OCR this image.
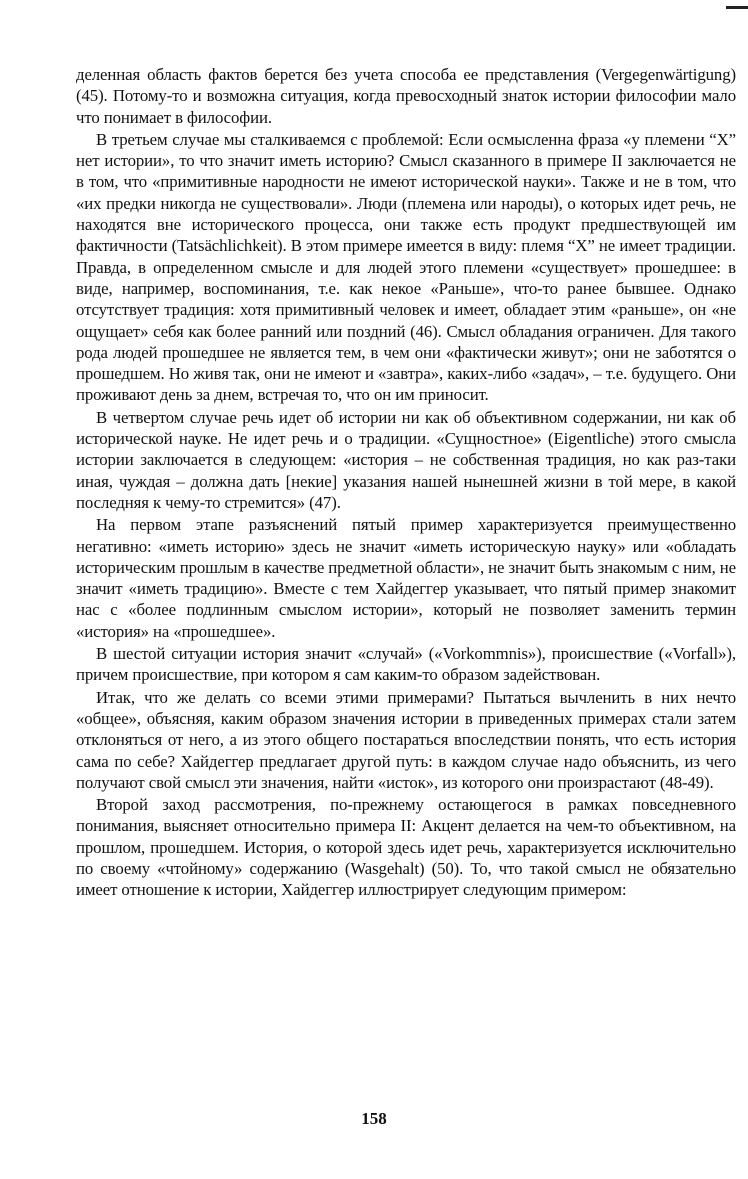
деленная область фактов берется без учета способа ее представления (Vergegenwärtigung) (45). Потому-то и возможна ситуация, когда превосходный знаток истории философии мало что понимает в философии.

В третьем случае мы сталкиваемся с проблемой: Если осмысленна фраза «у племени “X” нет истории», то что значит иметь историю? Смысл сказанного в примере II заключается не в том, что «примитивные народности не имеют исторической науки». Также и не в том, что «их предки никогда не существовали». Люди (племена или народы), о которых идет речь, не находятся вне исторического процесса, они также есть продукт предшествующей им фактичности (Tatsächlichkeit). В этом примере имеется в виду: племя “X” не имеет традиции. Правда, в определенном смысле и для людей этого племени «существует» прошедшее: в виде, например, воспоминания, т.е. как некое «Раньше», что-то ранее бывшее. Однако отсутствует традиция: хотя примитивный человек и имеет, обладает этим «раньше», он «не ощущает» себя как более ранний или поздний (46). Смысл обладания ограничен. Для такого рода людей прошедшее не является тем, в чем они «фактически живут»; они не заботятся о прошедшем. Но живя так, они не имеют и «завтра», каких-либо «задач», – т.е. будущего. Они проживают день за днем, встречая то, что он им приносит.

В четвертом случае речь идет об истории ни как об объективном содержании, ни как об исторической науке. Не идет речь и о традиции. «Сущностное» (Eigentliche) этого смысла истории заключается в следующем: «история – не собственная традиция, но как раз-таки иная, чуждая – должна дать [некие] указания нашей нынешней жизни в той мере, в какой последняя к чему-то стремится» (47).

На первом этапе разъяснений пятый пример характеризуется преимущественно негативно: «иметь историю» здесь не значит «иметь историческую науку» или «обладать историческим прошлым в качестве предметной области», не значит быть знакомым с ним, не значит «иметь традицию». Вместе с тем Хайдеггер указывает, что пятый пример знакомит нас с «более подлинным смыслом истории», который не позволяет заменить термин «история» на «прошедшее».

В шестой ситуации история значит «случай» («Vorkommnis»), происшествие («Vorfall»), причем происшествие, при котором я сам каким-то образом задействован.

Итак, что же делать со всеми этими примерами? Пытаться вычленить в них нечто «общее», объясняя, каким образом значения истории в приведенных примерах стали затем отклоняться от него, а из этого общего постараться впоследствии понять, что есть история сама по себе? Хайдеггер предлагает другой путь: в каждом случае надо объяснить, из чего получают свой смысл эти значения, найти «исток», из которого они произрастают (48-49).

Второй заход рассмотрения, по-прежнему остающегося в рамках повседневного понимания, выясняет относительно примера II: Акцент делается на чем-то объективном, на прошлом, прошедшем. История, о которой здесь идет речь, характеризуется исключительно по своему «чтойному» содержанию (Wasgehalt) (50). То, что такой смысл не обязательно имеет отношение к истории, Хайдеггер иллюстрирует следующим примером:

158
